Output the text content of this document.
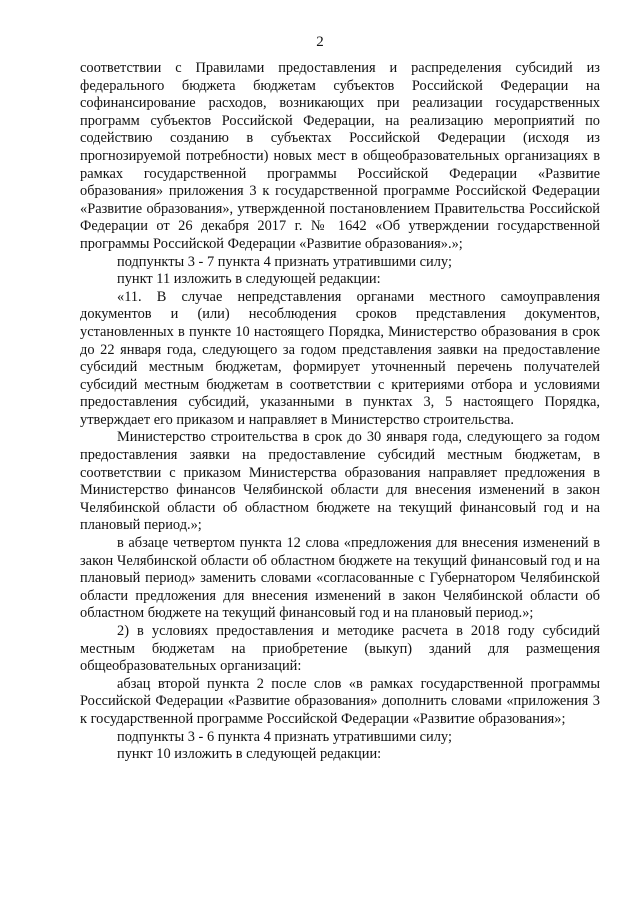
2

соответствии с Правилами предоставления и распределения субсидий из федерального бюджета бюджетам субъектов Российской Федерации на софинансирование расходов, возникающих при реализации государственных программ субъектов Российской Федерации, на реализацию мероприятий по содействию созданию в субъектах Российской Федерации (исходя из прогнозируемой потребности) новых мест в общеобразовательных организациях в рамках государственной программы Российской Федерации «Развитие образования» приложения 3 к государственной программе Российской Федерации «Развитие образования», утвержденной постановлением Правительства Российской Федерации от 26 декабря 2017 г. № 1642 «Об утверждении государственной программы Российской Федерации «Развитие образования».»;

подпункты 3 - 7 пункта 4 признать утратившими силу;

пункт 11 изложить в следующей редакции:

«11. В случае непредставления органами местного самоуправления документов и (или) несоблюдения сроков представления документов, установленных в пункте 10 настоящего Порядка, Министерство образования в срок до 22 января года, следующего за годом представления заявки на предоставление субсидий местным бюджетам, формирует уточненный перечень получателей субсидий местным бюджетам в соответствии с критериями отбора и условиями предоставления субсидий, указанными в пунктах 3, 5 настоящего Порядка, утверждает его приказом и направляет в Министерство строительства.

Министерство строительства в срок до 30 января года, следующего за годом предоставления заявки на предоставление субсидий местным бюджетам, в соответствии с приказом Министерства образования направляет предложения в Министерство финансов Челябинской области для внесения изменений в закон Челябинской области об областном бюджете на текущий финансовый год и на плановый период.»;

в абзаце четвертом пункта 12 слова «предложения для внесения изменений в закон Челябинской области об областном бюджете на текущий финансовый год и на плановый период» заменить словами «согласованные с Губернатором Челябинской области предложения для внесения изменений в закон Челябинской области об областном бюджете на текущий финансовый год и на плановый период.»;

2) в условиях предоставления и методике расчета в 2018 году субсидий местным бюджетам на приобретение (выкуп) зданий для размещения общеобразовательных организаций:

абзац второй пункта 2 после слов «в рамках государственной программы Российской Федерации «Развитие образования» дополнить словами «приложения 3 к государственной программе Российской Федерации «Развитие образования»;

подпункты 3 - 6 пункта 4 признать утратившими силу;

пункт 10 изложить в следующей редакции:
